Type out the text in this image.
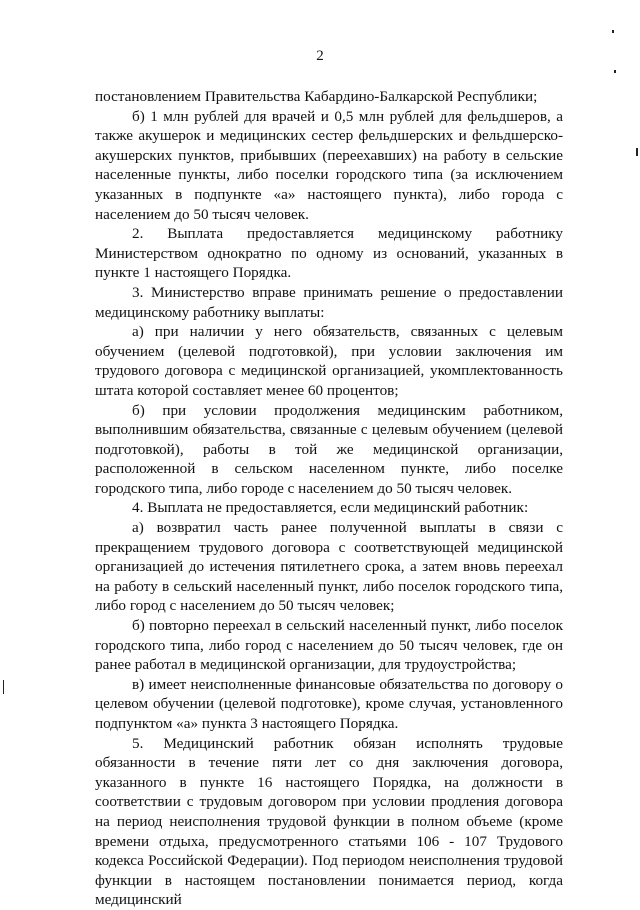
2

постановлением Правительства Кабардино-Балкарской Республики;

б) 1 млн рублей для врачей и 0,5 млн рублей для фельдшеров, а также акушерок и медицинских сестер фельдшерских и фельдшерско-акушерских пунктов, прибывших (переехавших) на работу в сельские населенные пункты, либо поселки городского типа (за исключением указанных в подпункте «а» настоящего пункта), либо города с населением до 50 тысяч человек.

2. Выплата предоставляется медицинскому работнику Министерством однократно по одному из оснований, указанных в пункте 1 настоящего Порядка.

3. Министерство вправе принимать решение о предоставлении медицинскому работнику выплаты:

а) при наличии у него обязательств, связанных с целевым обучением (целевой подготовкой), при условии заключения им трудового договора с медицинской организацией, укомплектованность штата которой составляет менее 60 процентов;

б) при условии продолжения медицинским работником, выполнившим обязательства, связанные с целевым обучением (целевой подготовкой), работы в той же медицинской организации, расположенной в сельском населенном пункте, либо поселке городского типа, либо городе с населением до 50 тысяч человек.

4. Выплата не предоставляется, если медицинский работник:

а) возвратил часть ранее полученной выплаты в связи с прекращением трудового договора с соответствующей медицинской организацией до истечения пятилетнего срока, а затем вновь переехал на работу в сельский населенный пункт, либо поселок городского типа, либо город с населением до 50 тысяч человек;

б) повторно переехал в сельский населенный пункт, либо поселок городского типа, либо город с населением до 50 тысяч человек, где он ранее работал в медицинской организации, для трудоустройства;

в) имеет неисполненные финансовые обязательства по договору о целевом обучении (целевой подготовке), кроме случая, установленного подпунктом «а» пункта 3 настоящего Порядка.

5. Медицинский работник обязан исполнять трудовые обязанности в течение пяти лет со дня заключения договора, указанного в пункте 16 настоящего Порядка, на должности в соответствии с трудовым договором при условии продления договора на период неисполнения трудовой функции в полном объеме (кроме времени отдыха, предусмотренного статьями 106 - 107 Трудового кодекса Российской Федерации). Под периодом неисполнения трудовой функции в настоящем постановлении понимается период, когда медицинский
